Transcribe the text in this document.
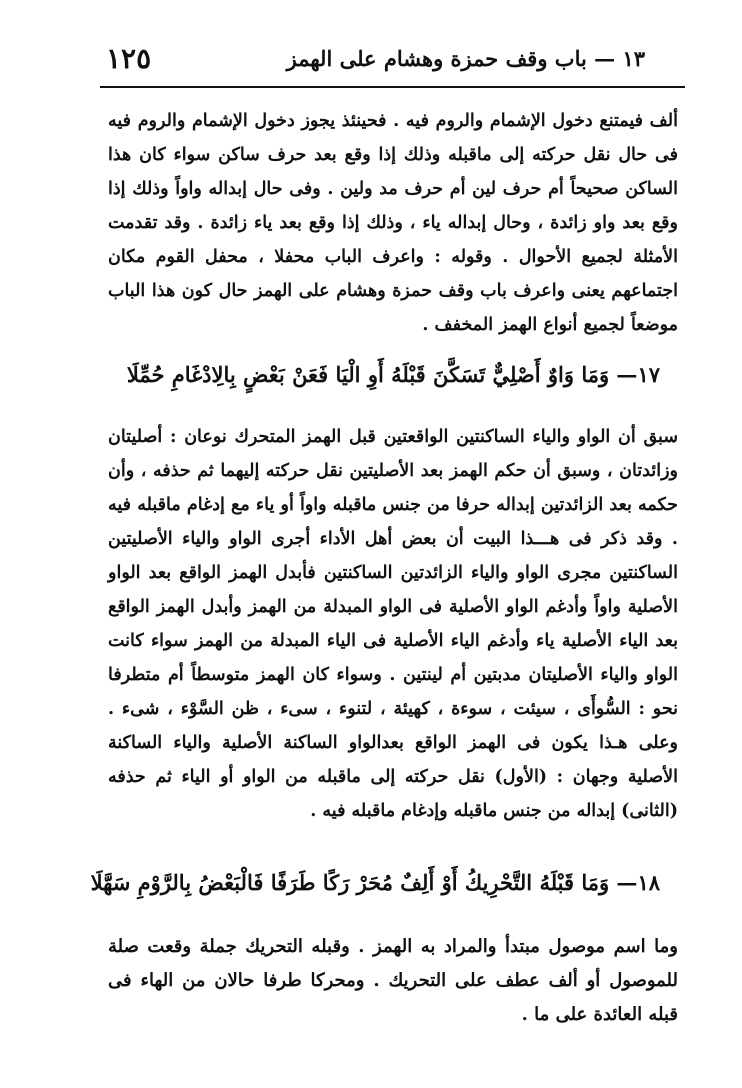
١٣ — باب وقف حمزة وهشام على الهمز
١٢٥

ألف فيمتنع دخول الإشمام والروم فيه . فحينئذ يجوز دخول الإشمام والروم فيه فى حال نقل حركته إلى ماقبله وذلك إذا وقع بعد حرف ساكن سواء كان هذا الساكن صحيحاً أم حرف لين أم حرف مد ولين . وفى حال إبداله واواً وذلك إذا وقع بعد واو زائدة ، وحال إبداله ياء ، وذلك إذا وقع بعد ياء زائدة . وقد تقدمت الأمثلة لجميع الأحوال . وقوله : واعرف الباب محفلا ، محفل القوم مكان اجتماعهم يعنى واعرف باب وقف حمزة وهشام على الهمز حال كون هذا الباب موضعاً لجميع أنواع الهمز المخفف .

١٧— وَمَا وَاوٌ أَصْلِيٌّ تَسَكَّنَ قَبْلَهُ أَوِ الْيَا فَعَنْ بَعْضٍ بِالِادْغَامِ حُمِّلَا

سبق أن الواو والياء الساكنتين الواقعتين قبل الهمز المتحرك نوعان : أصليتان وزائدتان ، وسبق أن حكم الهمز بعد الأصليتين نقل حركته إليهما ثم حذفه ، وأن حكمه بعد الزائدتين إبداله حرفا من جنس ماقبله واواً أو ياء مع إدغام ماقبله فيه . وقد ذكر فى هـــذا البيت أن بعض أهل الأداء أجرى الواو والياء الأصليتين الساكنتين مجرى الواو والياء الزائدتين الساكنتين فأبدل الهمز الواقع بعد الواو الأصلية واواً وأدغم الواو الأصلية فى الواو المبدلة من الهمز وأبدل الهمز الواقع بعد الياء الأصلية ياء وأدغم الياء الأصلية فى الياء المبدلة من الهمز سواء كانت الواو والياء الأصليتان مدبتين أم لينتين . وسواء كان الهمز متوسطاً أم متطرفا نحو : السُّوأَى ، سيئت ، سوءة ، كهيئة ، لتنوء ، سىء ، ظن السَّوْء ، شىء . وعلى هـذا يكون فى الهمز الواقع بعدالواو الساكنة الأصلية والياء الساكنة الأصلية وجهان : (الأول) نقل حركته إلى ماقبله من الواو أو الياء ثم حذفه (الثانى) إبداله من جنس ماقبله وإدغام ماقبله فيه .

١٨— وَمَا قَبْلَهُ التَّحْرِيكُ أَوْ أَلِفٌ مُحَرْ رَكًا طَرَفًا فَالْبَعْضُ بِالرَّوْمِ سَهَّلَا

وما اسم موصول مبتدأ والمراد به الهمز . وقبله التحريك جملة وقعت صلة للموصول أو ألف عطف على التحريك . ومحركا طرفا حالان من الهاء فى قبله العائدة على ما .
